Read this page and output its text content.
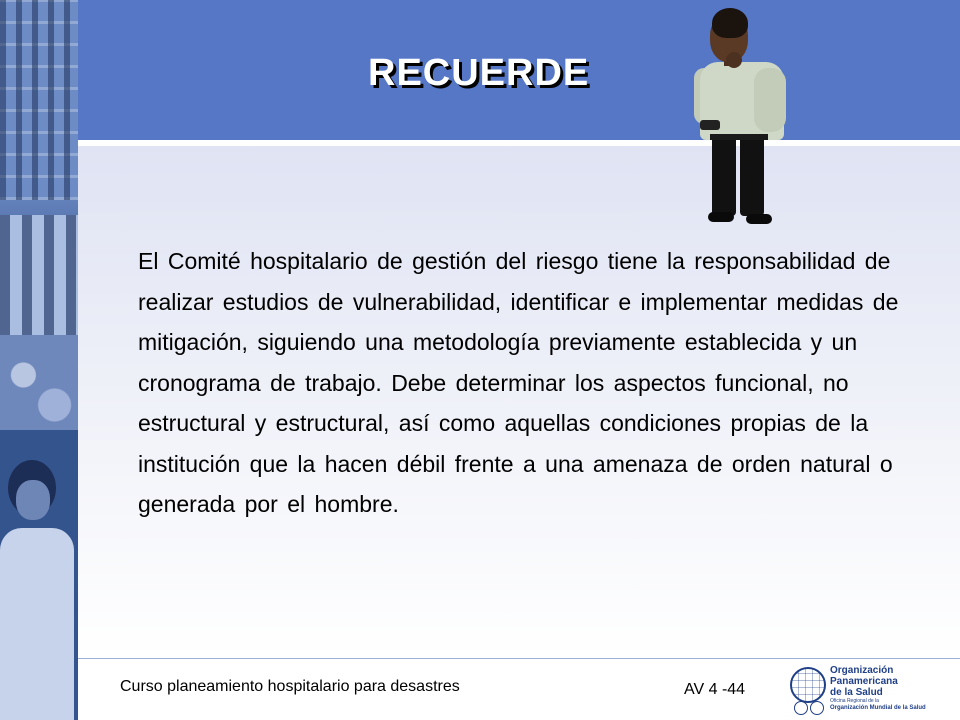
RECUERDE

El Comité hospitalario de gestión del riesgo tiene la responsabilidad de realizar estudios de vulnerabilidad, identificar e implementar medidas de mitigación, siguiendo una metodología previamente establecida y un cronograma de trabajo. Debe determinar los aspectos funcional, no estructural y estructural, así como aquellas condiciones propias de la institución que la hacen débil frente a una amenaza de orden natural o generada por el hombre.

Curso planeamiento hospitalario para desastres	AV 4 -44
Organización
Panamericana
de la Salud
Oficina Regional de la
Organización Mundial de la Salud
